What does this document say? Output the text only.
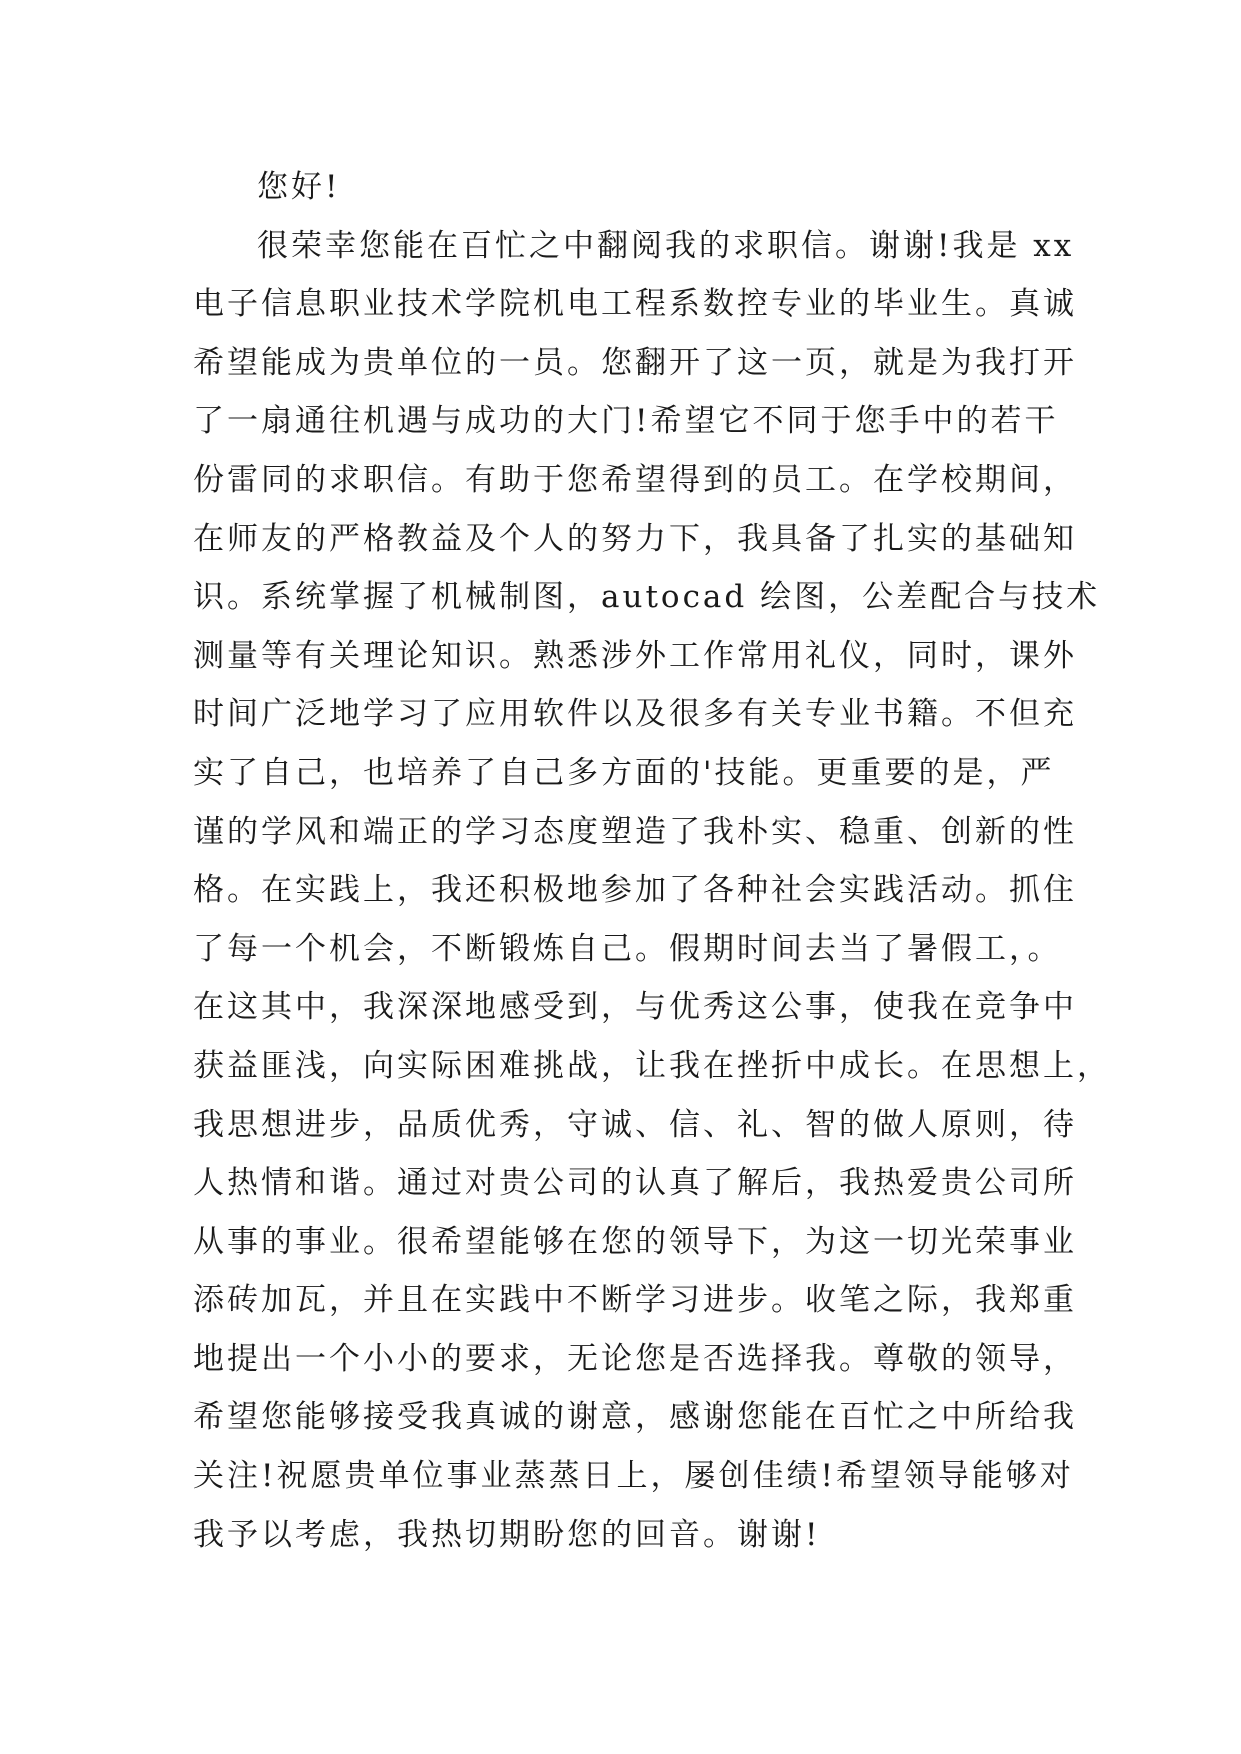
您好!
很荣幸您能在百忙之中翻阅我的求职信。谢谢!我是 xx
电子信息职业技术学院机电工程系数控专业的毕业生。真诚
希望能成为贵单位的一员。您翻开了这一页，就是为我打开
了一扇通往机遇与成功的大门!希望它不同于您手中的若干
份雷同的求职信。有助于您希望得到的员工。在学校期间，
在师友的严格教益及个人的努力下，我具备了扎实的基础知
识。系统掌握了机械制图，autocad 绘图，公差配合与技术
测量等有关理论知识。熟悉涉外工作常用礼仪，同时，课外
时间广泛地学习了应用软件以及很多有关专业书籍。不但充
实了自己，也培养了自己多方面的'技能。更重要的是，严
谨的学风和端正的学习态度塑造了我朴实、稳重、创新的性
格。在实践上，我还积极地参加了各种社会实践活动。抓住
了每一个机会，不断锻炼自己。假期时间去当了暑假工，。
在这其中，我深深地感受到，与优秀这公事，使我在竞争中
获益匪浅，向实际困难挑战，让我在挫折中成长。在思想上，
我思想进步，品质优秀，守诚、信、礼、智的做人原则，待
人热情和谐。通过对贵公司的认真了解后，我热爱贵公司所
从事的事业。很希望能够在您的领导下，为这一切光荣事业
添砖加瓦，并且在实践中不断学习进步。收笔之际，我郑重
地提出一个小小的要求，无论您是否选择我。尊敬的领导，
希望您能够接受我真诚的谢意，感谢您能在百忙之中所给我
关注!祝愿贵单位事业蒸蒸日上，屡创佳绩!希望领导能够对
我予以考虑，我热切期盼您的回音。谢谢!
